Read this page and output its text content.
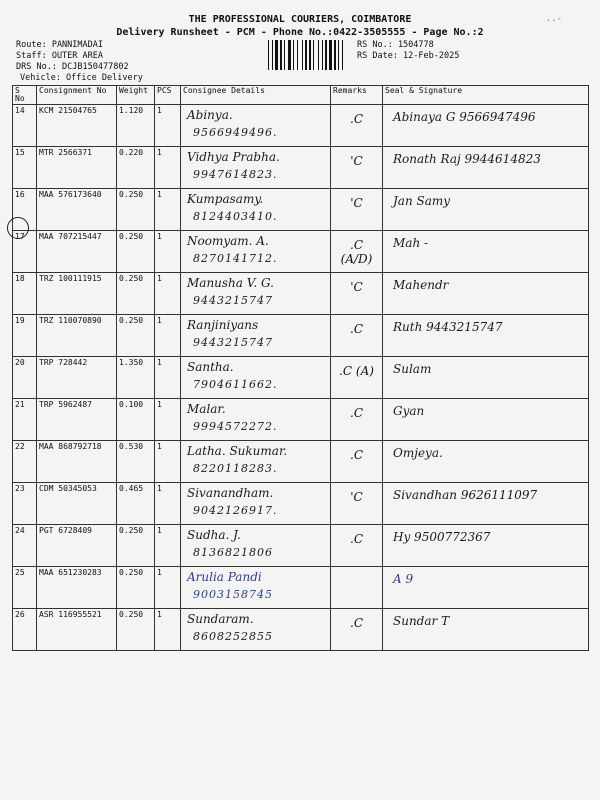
THE PROFESSIONAL COURIERS, COIMBATORE
Delivery Runsheet - PCM - Phone No.:0422-3505555 - Page No.:2
..-
Route: PANNIMADAI
Staff: OUTER AREA
DRS No.: DCJB150477802
Vehicle: Office Delivery
RS No.: 1504778
RS Date: 12-Feb-2025
S No	Consignment No	Weight	PCS	Consignee Details	Remarks	Seal & Signature
14	KCM 21504765	1.120	1	Abinya.
9566949496.	.C	Abinaya G 9566947496

15	MTR 2566371	0.220	1	Vidhya Prabha.
9947614823.	'C	Ronath Raj 9944614823

16	MAA 576173640	0.250	1	Kumpasamy.
8124403410.	'C	Jan Samy

17	MAA 707215447	0.250	1	Noomyam. A.
8270141712.	.C (A/D)	Mah -

18	TRZ 100111915	0.250	1	Manusha V. G.
9443215747	'C	Mahendr

19	TRZ 110070890	0.250	1	Ranjiniyans
9443215747	.C	Ruth 9443215747

20	TRP 728442	1.350	1	Santha.
7904611662.	.C (A)	Sulam

21	TRP 5962487	0.100	1	Malar.
9994572272.	.C	Gyan

22	MAA 868792718	0.530	1	Latha. Sukumar.
8220118283.	.C	Omjeya.

23	CDM 50345053	0.465	1	Sivanandham.
9042126917.	'C	Sivandhan 9626111097

24	PGT 6728409	0.250	1	Sudha. J.
8136821806	.C	Hy 9500772367

25	MAA 651230283	0.250	1	Arulia Pandi
9003158745		A 9

26	ASR 116955521	0.250	1	Sundaram.
8608252855	.C	Sundar T
